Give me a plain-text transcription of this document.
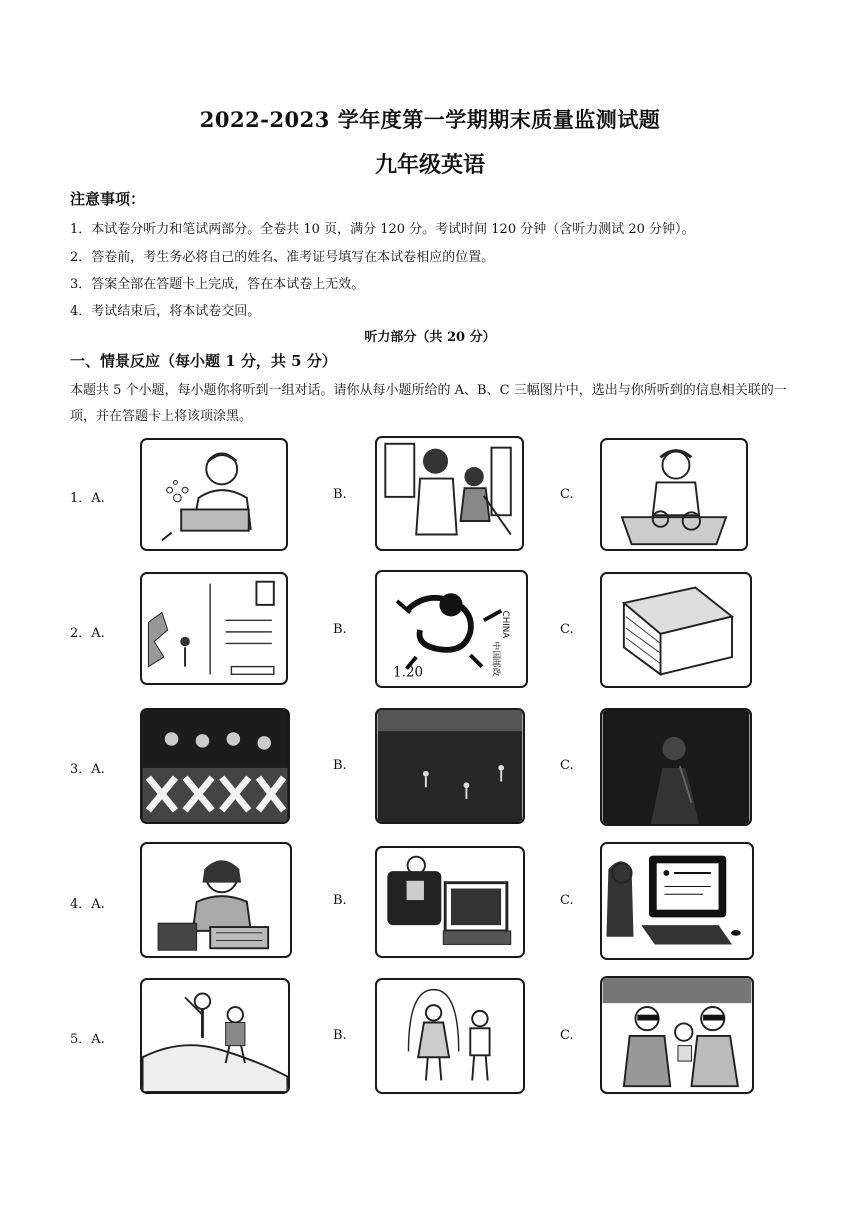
2022-2023 学年度第一学期期末质量监测试题
九年级英语
注意事项：
1．本试卷分听力和笔试两部分。全卷共 10 页，满分 120 分。考试时间 120 分钟（含听力测试 20 分钟）。
2．答卷前，考生务必将自己的姓名、准考证号填写在本试卷相应的位置。
3．答案全部在答题卡上完成，答在本试卷上无效。
4．考试结束后，将本试卷交回。
听力部分（共 20 分）
一、情景反应（每小题 1 分，共 5 分）
本题共 5 个小题，每小题你将听到一组对话。请你从每小题所给的 A、B、C 三幅图片中，选出与你所听到的信息相关联的一项，并在答题卡上将该项涂黑。
1．A.	B.	C.
2．A.	B.	C.
CHINA
1.20	中国邮政
3．A.	B.	C.
4．A.	B.	C.
5．A.	B.	C.
